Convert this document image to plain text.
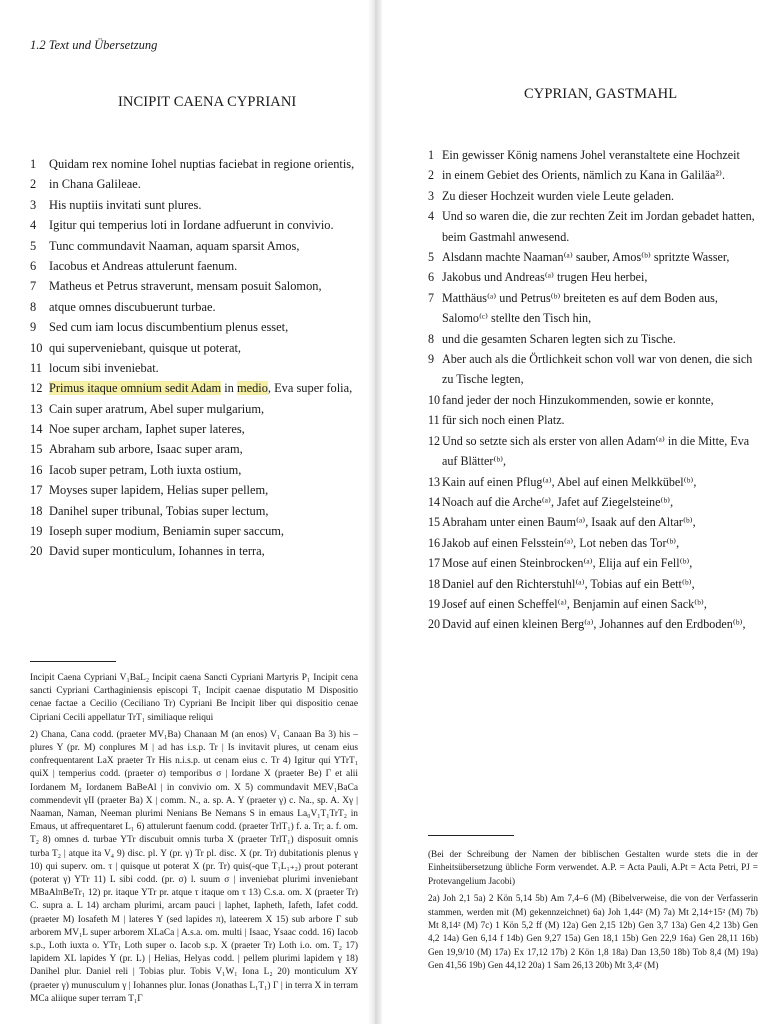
1.2 Text und Übersetzung
INCIPIT CAENA CYPRIANI	CYPRIAN, GASTMAHL
1 Quidam rex nomine Iohel nuptias faciebat in regione orientis,
2 in Chana Galileae.
3 His nuptiis invitati sunt plures.
4 Igitur qui temperius loti in Iordane adfuerunt in convivio.
5 Tunc commundavit Naaman, aquam sparsit Amos,
6 Iacobus et Andreas attulerunt faenum.
7 Matheus et Petrus straverunt, mensam posuit Salomon,
8 atque omnes discubuerunt turbae.
9 Sed cum iam locus discumbentium plenus esset,
10 qui superveniebant, quisque ut poterat,
11 locum sibi inveniebat.
12 Primus itaque omnium sedit Adam in medio, Eva super folia,
13 Cain super aratrum, Abel super mulgarium,
14 Noe super archam, Iaphet super lateres,
15 Abraham sub arbore, Isaac super aram,
16 Iacob super petram, Loth iuxta ostium,
17 Moyses super lapidem, Helias super pellem,
18 Danihel super tribunal, Tobias super lectum,
19 Ioseph super modium, Beniamin super saccum,
20 David super monticulum, Iohannes in terra,
1 Ein gewisser König namens Johel veranstaltete eine Hochzeit
2 in einem Gebiet des Orients, nämlich zu Kana in Galiläa²⁾.
3 Zu dieser Hochzeit wurden viele Leute geladen.
4 Und so waren die, die zur rechten Zeit im Jordan gebadet hatten, beim Gastmahl anwesend.
5 Alsdann machte Naaman⁽ᵃ⁾ sauber, Amos⁽ᵇ⁾ spritzte Wasser,
6 Jakobus und Andreas⁽ᵃ⁾ trugen Heu herbei,
7 Matthäus⁽ᵃ⁾ und Petrus⁽ᵇ⁾ breiteten es auf dem Boden aus, Salomo⁽ᶜ⁾ stellte den Tisch hin,
8 und die gesamten Scharen legten sich zu Tische.
9 Aber auch als die Örtlichkeit schon voll war von denen, die sich zu Tische legten,
10 fand jeder der noch Hinzukommenden, sowie er konnte,
11 für sich noch einen Platz.
12 Und so setzte sich als erster von allen Adam⁽ᵃ⁾ in die Mitte, Eva auf Blätter⁽ᵇ⁾,
13 Kain auf einen Pflug⁽ᵃ⁾, Abel auf einen Melkkübel⁽ᵇ⁾,
14 Noach auf die Arche⁽ᵃ⁾, Jafet auf Ziegelsteine⁽ᵇ⁾,
15 Abraham unter einen Baum⁽ᵃ⁾, Isaak auf den Altar⁽ᵇ⁾,
16 Jakob auf einen Felsstein⁽ᵃ⁾, Lot neben das Tor⁽ᵇ⁾,
17 Mose auf einen Steinbrocken⁽ᵃ⁾, Elija auf ein Fell⁽ᵇ⁾,
18 Daniel auf den Richterstuhl⁽ᵃ⁾, Tobias auf ein Bett⁽ᵇ⁾,
19 Josef auf einen Scheffel⁽ᵃ⁾, Benjamin auf einen Sack⁽ᵇ⁾,
20 David auf einen kleinen Berg⁽ᵃ⁾, Johannes auf den Erdboden⁽ᵇ⁾,

Incipit Caena Cypriani V₁BaL₂ Incipit caena Sancti Cypriani Martyris P₁ Incipit cena sancti Cypriani Carthaginiensis episcopi T₁ Incipit caenae disputatio M Dispositio cenae factae a Cecilio (Ceciliano Tr) Cypriani Be Incipit liber qui dispositio cenae Cipriani Cecili appellatur TrT₁ similiaque reliqui

2) Chana, Cana codd. (praeter MV₁Ba) Chanaan M (an enos) V₁ Canaan Ba 3) his – plures Y (pr. M) conplures M | ad has i.s.p. Tr | Is invitavit plures, ut cenam eius confrequentarent LaX praeter Tr His n.i.s.p. ut cenam eius c. Tr 4) Igitur qui YTrT₁ quiX | temperius codd. (praeter σ) temporibus σ | Iordane X (praeter Be) Γ et alii Iordanem M₂ Iordanem BaBeAl | in convivio om. X 5) commundavit MEV₁BaCa commendevit γII (praeter Ba) X | comm. N., a. sp. A. Y (praeter γ) c. Na., sp. A. Xγ | Naaman, Naman, Neeman plurimi Nenians Be Nemans S in emaus La₀V₁T₁TrT₂ in Emaus, ut affrequentaret L₁ 6) attulerunt faenum codd. (praeter TrlT₁) f. a. Tr; a. f. om. T₂ 8) omnes d. turbae YTr discubuit omnis turba X (praeter TrlT₁) disposuit omnis turba T₂ | atque ita V₄ 9) disc. pl. Y (pr. γ) Tr pl. disc. X (pr. Tr) dubitationis plenus γ 10) qui superv. om. τ | quisque ut poterat X (pr. Tr) quis(-que T₁L₁₊₂) prout poterant (poterat γ) YTr 11) L sibi codd. (pr. σ) l. suum σ | inveniebat plurimi inveniebant MBaAlπBeTr₁ 12) pr. itaque YTr pr. atque τ itaque om τ 13) C.s.a. om. X (praeter Tr) C. supra a. L 14) archam plurimi, arcam pauci | laphet, Iapheth, Iafeth, Iafet codd. (praeter M) Iosafeth M | lateres Y (sed lapides π), lateerem X 15) sub arbore Γ sub arborem MV₁L super arborem XLaCa | A.s.a. om. multi | Isaac, Ysaac codd. 16) Iacob s.p., Loth iuxta o. YTr₁ Loth super o. Iacob s.p. X (praeter Tr) Loth i.o. om. T₂ 17) lapidem XL lapides Y (pr. L) | Helias, Helyas codd. | pellem plurimi lapidem γ 18) Danihel plur. Daniel reli | Tobias plur. Tobis V₁W₁ Iona L₂ 20) monticulum XY (praeter γ) munusculum γ | Iohannes plur. Ionas (Jonathas L₁T₁) Γ | in terra X in terram MCa aliique super terram T₁Γ

(Bei der Schreibung der Namen der biblischen Gestalten wurde stets die in der Einheitsübersetzung übliche Form verwendet. A.P. = Acta Pauli, A.Pt = Acta Petri, PJ = Protevangelium Jacobi)

2a) Joh 2,1 5a) 2 Kön 5,14 5b) Am 7,4–6 (M) (Bibelverweise, die von der Verfasserin stammen, werden mit (M) gekennzeichnet) 6a) Joh 1,44² (M) 7a) Mt 2,14+15² (M) 7b) Mt 8,14² (M) 7c) 1 Kön 5,2 ff (M) 12a) Gen 2,15 12b) Gen 3,7 13a) Gen 4,2 13b) Gen 4,2 14a) Gen 6,14 f 14b) Gen 9,27 15a) Gen 18,1 15b) Gen 22,9 16a) Gen 28,11 16b) Gen 19,9/10 (M) 17a) Ex 17,12 17b) 2 Kön 1,8 18a) Dan 13,50 18b) Tob 8,4 (M) 19a) Gen 41,56 19b) Gen 44,12 20a) 1 Sam 26,13 20b) Mt 3,4² (M)
